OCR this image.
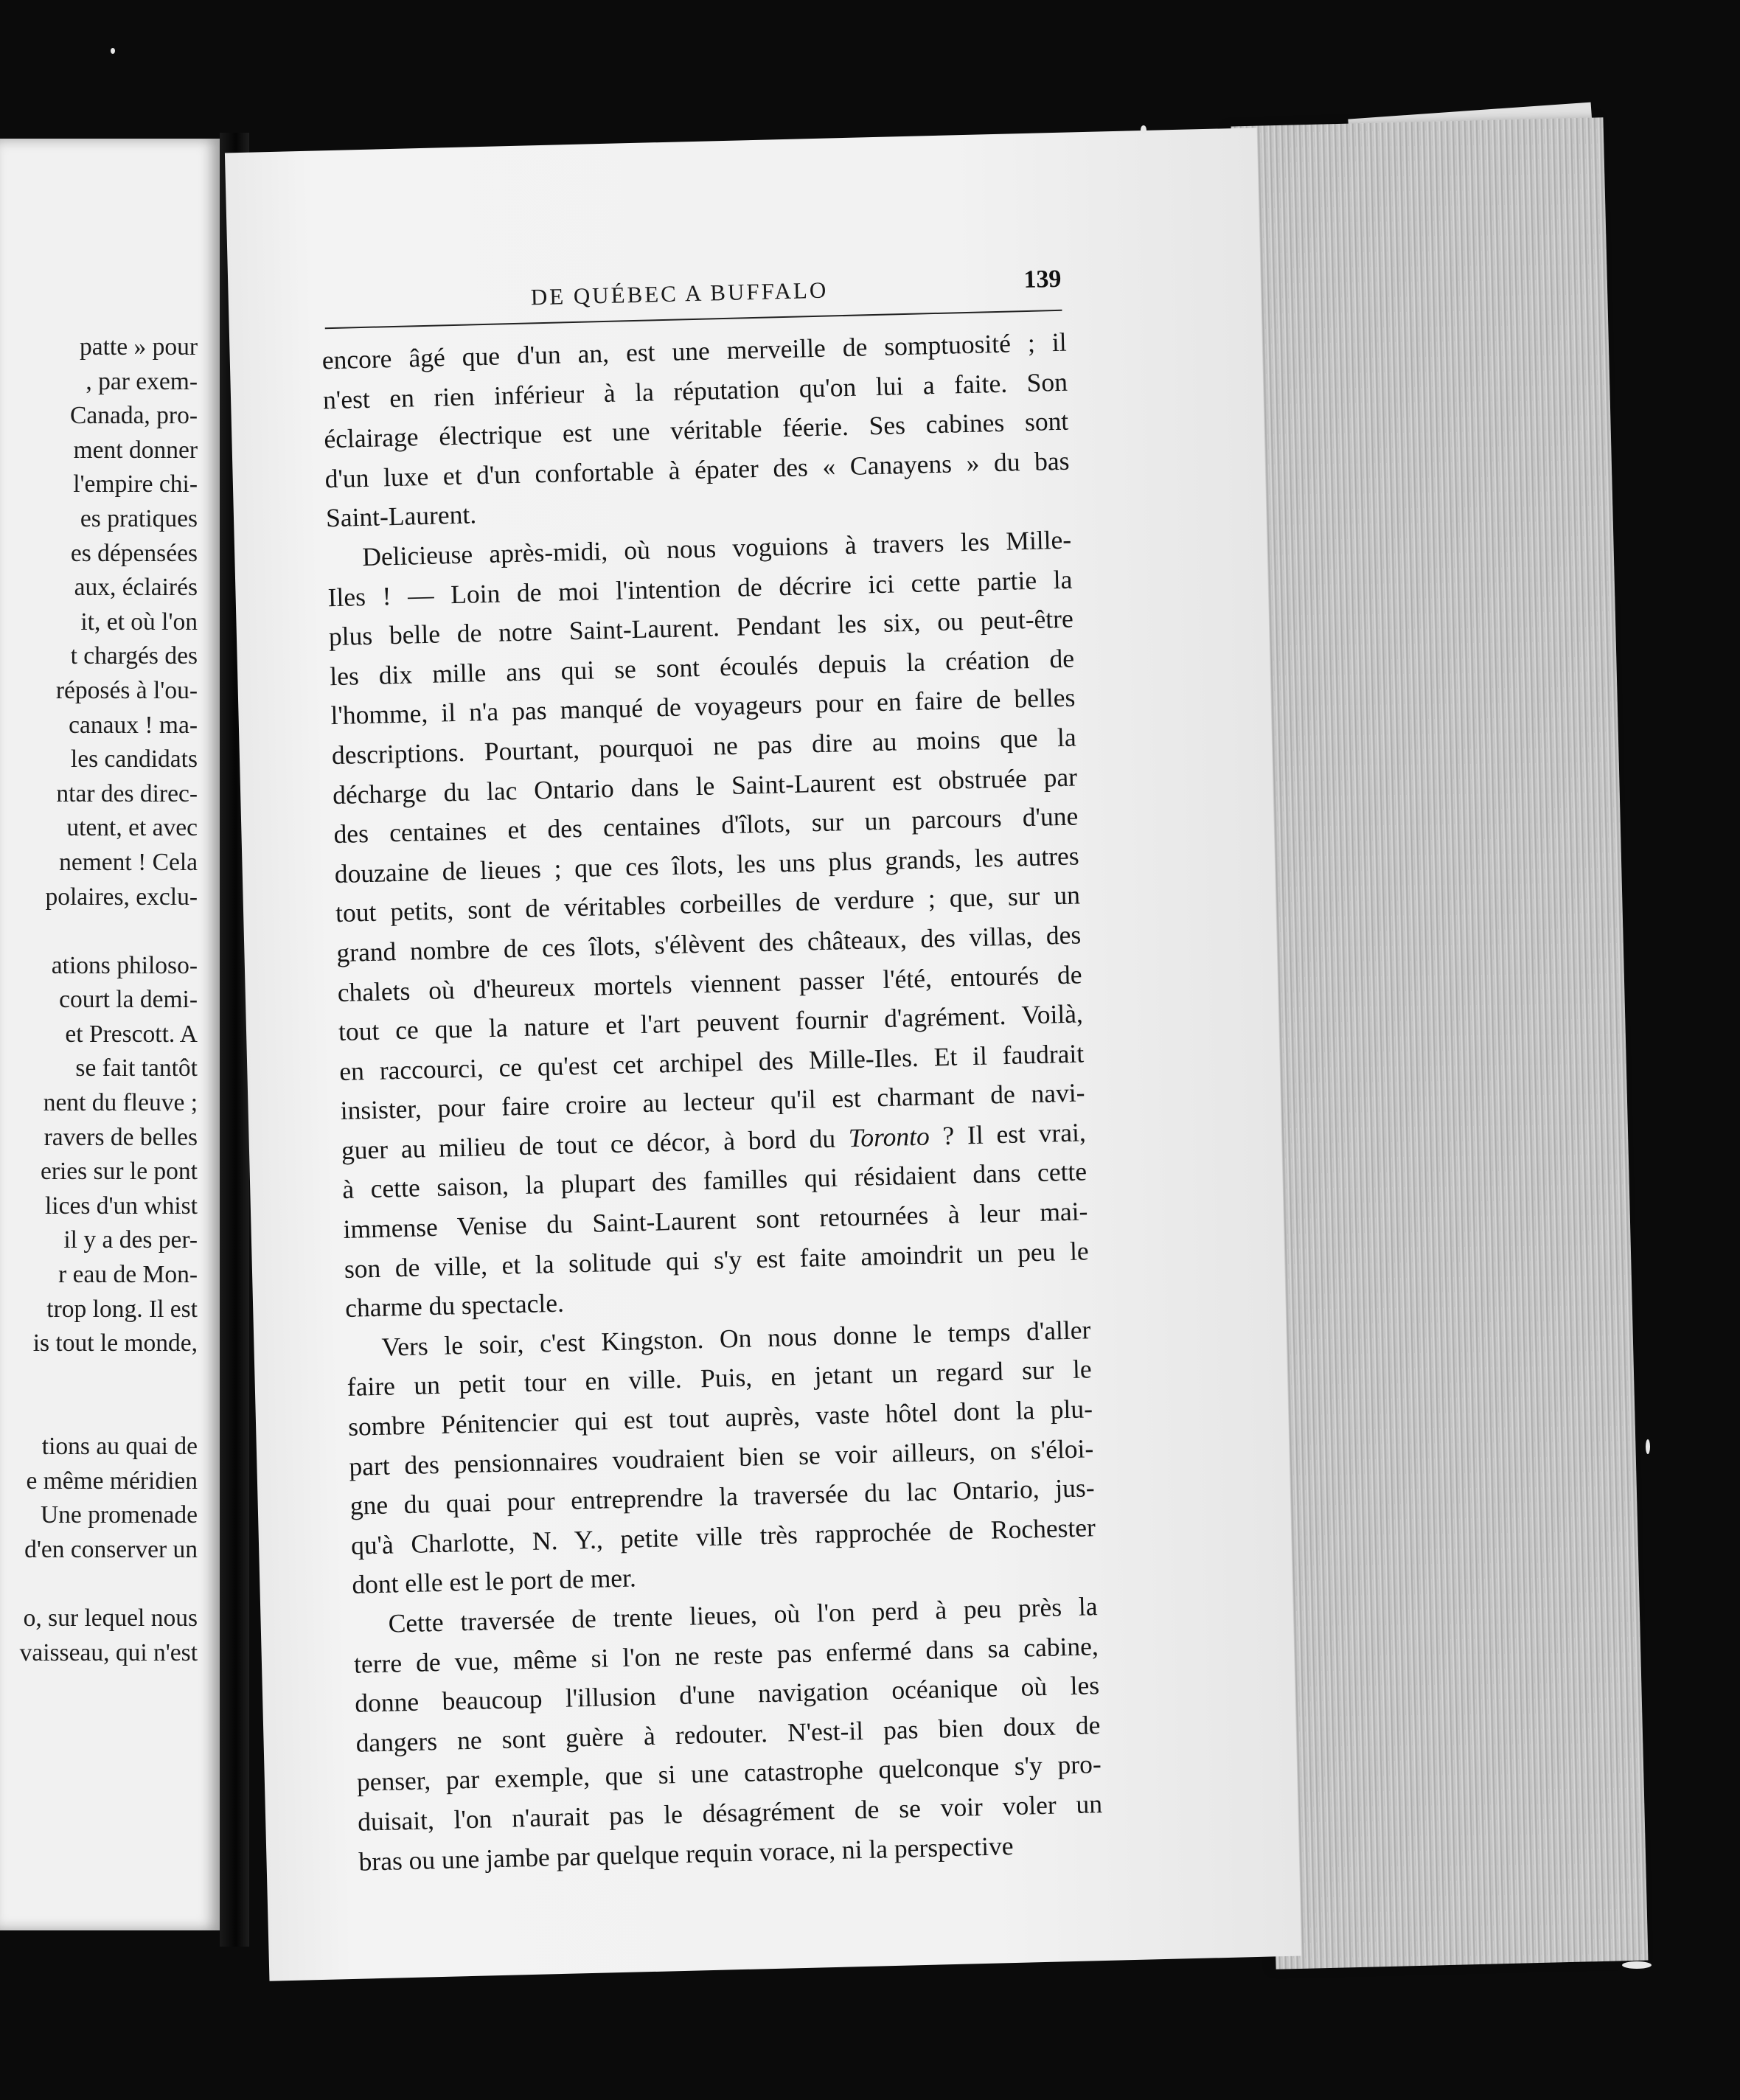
patte » pour
, par exem-
Canada, pro-
ment donner
l'empire chi-
es pratiques
es dépensées
aux, éclairés
it, et où l'on
t chargés des
réposés à l'ou-
canaux ! ma-
les candidats
ntar des direc-
utent, et avec
nement ! Cela
polaires, exclu-
ations philoso-
court la demi-
et Prescott. A
se fait tantôt
nent du fleuve ;
ravers de belles
eries sur le pont
lices d'un whist
il y a des per-
r eau de Mon-
trop long. Il est
is tout le monde,
tions au quai de
e même méridien
Une promenade
d'en conserver un
o, sur lequel nous
vaisseau, qui n'est
DE QUÉBEC A BUFFALO	139
encore âgé que d'un an, est une merveille de somptuosité ; il
n'est en rien inférieur à la réputation qu'on lui a faite. Son
éclairage électrique est une véritable féerie. Ses cabines sont
d'un luxe et d'un confortable à épater des « Canayens » du bas
Saint-Laurent.
Delicieuse après-midi, où nous voguions à travers les Mille-
Iles ! — Loin de moi l'intention de décrire ici cette partie la
plus belle de notre Saint-Laurent. Pendant les six, ou peut-être
les dix mille ans qui se sont écoulés depuis la création de
l'homme, il n'a pas manqué de voyageurs pour en faire de belles
descriptions. Pourtant, pourquoi ne pas dire au moins que la
décharge du lac Ontario dans le Saint-Laurent est obstruée par
des centaines et des centaines d'îlots, sur un parcours d'une
douzaine de lieues ; que ces îlots, les uns plus grands, les autres
tout petits, sont de véritables corbeilles de verdure ; que, sur un
grand nombre de ces îlots, s'élèvent des châteaux, des villas, des
chalets où d'heureux mortels viennent passer l'été, entourés de
tout ce que la nature et l'art peuvent fournir d'agrément. Voilà,
en raccourci, ce qu'est cet archipel des Mille-Iles. Et il faudrait
insister, pour faire croire au lecteur qu'il est charmant de navi-
guer au milieu de tout ce décor, à bord du Toronto ? Il est vrai,
à cette saison, la plupart des familles qui résidaient dans cette
immense Venise du Saint-Laurent sont retournées à leur mai-
son de ville, et la solitude qui s'y est faite amoindrit un peu le
charme du spectacle.
Vers le soir, c'est Kingston. On nous donne le temps d'aller
faire un petit tour en ville. Puis, en jetant un regard sur le
sombre Pénitencier qui est tout auprès, vaste hôtel dont la plu-
part des pensionnaires voudraient bien se voir ailleurs, on s'éloi-
gne du quai pour entreprendre la traversée du lac Ontario, jus-
qu'à Charlotte, N. Y., petite ville très rapprochée de Rochester
dont elle est le port de mer.
Cette traversée de trente lieues, où l'on perd à peu près la
terre de vue, même si l'on ne reste pas enfermé dans sa cabine,
donne beaucoup l'illusion d'une navigation océanique où les
dangers ne sont guère à redouter. N'est-il pas bien doux de
penser, par exemple, que si une catastrophe quelconque s'y pro-
duisait, l'on n'aurait pas le désagrément de se voir voler un
bras ou une jambe par quelque requin vorace, ni la perspective
